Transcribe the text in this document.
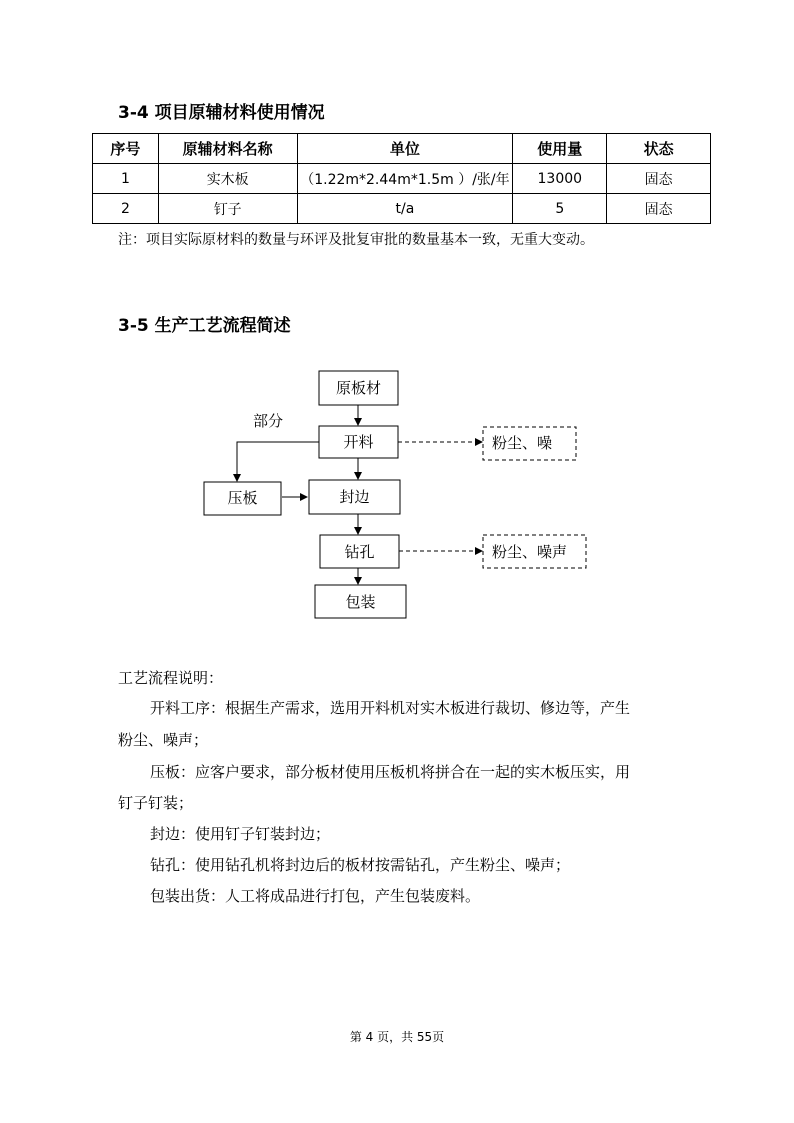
3-4 项目原辅材料使用情况
序号	原辅材料名称	单位	使用量	状态
1	实木板	（1.22m*2.44m*1.5m ）/张/年	13000	固态
2	钉子	t/a	5	固态
注：项目实际原材料的数量与环评及批复审批的数量基本一致，无重大变动。
3-5 生产工艺流程简述
原板材
部分
开料	粉尘、噪
压板	封边
钻孔	粉尘、噪声
包装
工艺流程说明：
开料工序：根据生产需求，选用开料机对实木板进行裁切、修边等，产生
粉尘、噪声；
压板：应客户要求，部分板材使用压板机将拼合在一起的实木板压实，用
钉子钉装；
封边：使用钉子钉装封边；
钻孔：使用钻孔机将封边后的板材按需钻孔，产生粉尘、噪声；
包装出货：人工将成品进行打包，产生包装废料。
第 4 页，共 55页
